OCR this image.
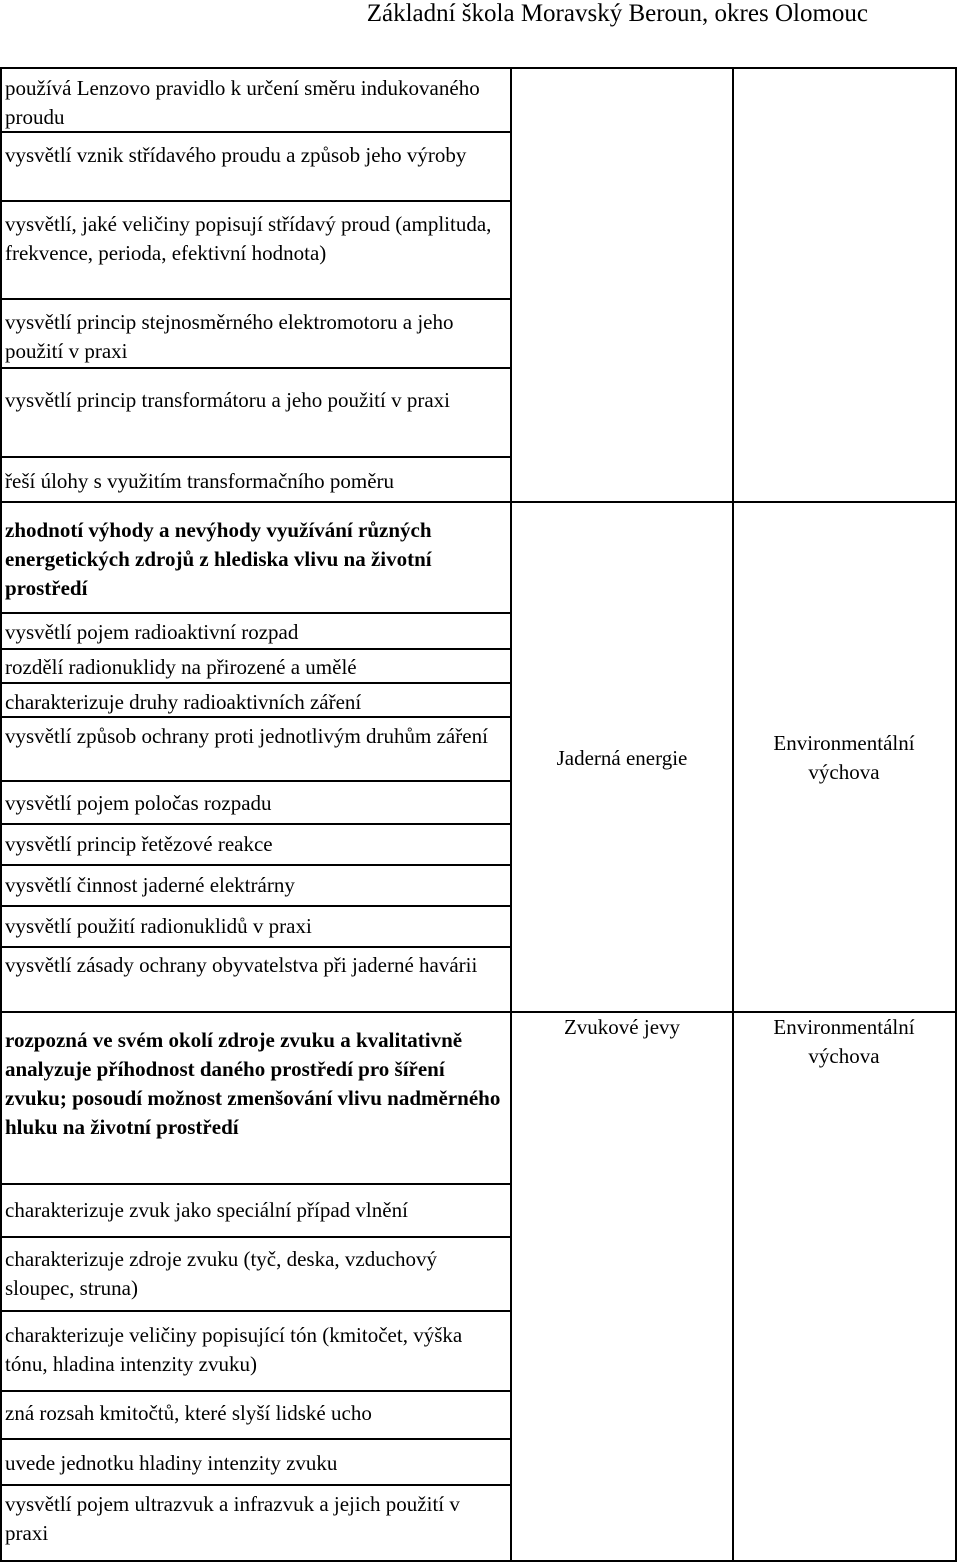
Základní škola Moravský Beroun, okres Olomouc
používá Lenzovo pravidlo k určení směru indukovaného proudu
vysvětlí vznik střídavého proudu a způsob jeho výroby
vysvětlí, jaké veličiny popisují střídavý proud (amplituda, frekvence, perioda, efektivní hodnota)
vysvětlí princip stejnosměrného elektromotoru a jeho použití v praxi
vysvětlí princip transformátoru a jeho použití v praxi
řeší úlohy s využitím transformačního poměru
zhodnotí výhody a nevýhody využívání různých energetických zdrojů z hlediska vlivu na životní prostředí
vysvětlí pojem radioaktivní rozpad
rozdělí radionuklidy na přirozené a umělé
charakterizuje druhy radioaktivních záření
vysvětlí způsob ochrany proti jednotlivým druhům záření
vysvětlí pojem poločas rozpadu
vysvětlí princip řetězové reakce
vysvětlí činnost jaderné elektrárny
vysvětlí použití radionuklidů v praxi
vysvětlí zásady ochrany obyvatelstva při jaderné havárii
rozpozná ve svém okolí zdroje zvuku a kvalitativně analyzuje příhodnost daného prostředí pro šíření zvuku; posoudí možnost zmenšování vlivu nadměrného hluku na životní prostředí
charakterizuje zvuk jako speciální případ vlnění
charakterizuje zdroje zvuku (tyč, deska, vzduchový sloupec, struna)
charakterizuje veličiny popisující tón (kmitočet, výška tónu, hladina intenzity zvuku)
zná rozsah kmitočtů, které slyší lidské ucho
uvede jednotku hladiny intenzity zvuku
vysvětlí pojem ultrazvuk a infrazvuk a jejich použití v praxi
Jaderná energie
Environmentální výchova
Zvukové jevy	Environmentální výchova
